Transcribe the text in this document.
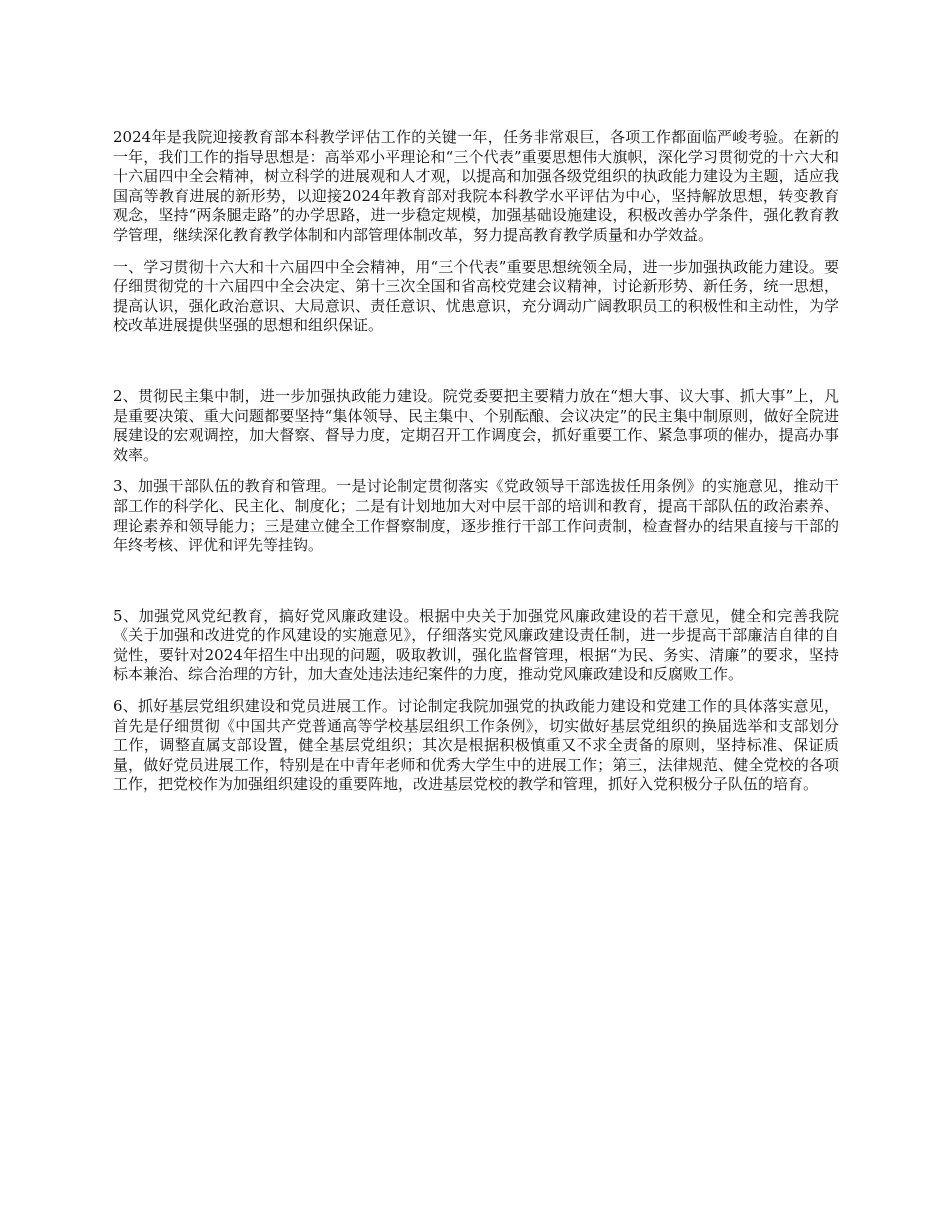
2024年是我院迎接教育部本科教学评估工作的关键一年，任务非常艰巨，各项工作都面临严峻考验。在新的一年，我们工作的指导思想是：高举邓小平理论和“三个代表”重要思想伟大旗帜，深化学习贯彻党的十六大和十六届四中全会精神，树立科学的进展观和人才观，以提高和加强各级党组织的执政能力建设为主题，适应我国高等教育进展的新形势，以迎接2024年教育部对我院本科教学水平评估为中心，坚持解放思想，转变教育观念，坚持“两条腿走路”的办学思路，进一步稳定规模，加强基础设施建设，积极改善办学条件，强化教育教学管理，继续深化教育教学体制和内部管理体制改革，努力提高教育教学质量和办学效益。

一、学习贯彻十六大和十六届四中全会精神，用“三个代表”重要思想统领全局，进一步加强执政能力建设。要仔细贯彻党的十六届四中全会决定、第十三次全国和省高校党建会议精神，讨论新形势、新任务，统一思想，提高认识，强化政治意识、大局意识、责任意识、忧患意识，充分调动广阔教职员工的积极性和主动性，为学校改革进展提供坚强的思想和组织保证。

2、贯彻民主集中制，进一步加强执政能力建设。院党委要把主要精力放在“想大事、议大事、抓大事”上，凡是重要决策、重大问题都要坚持“集体领导、民主集中、个别酝酿、会议决定”的民主集中制原则，做好全院进展建设的宏观调控，加大督察、督导力度，定期召开工作调度会，抓好重要工作、紧急事项的催办，提高办事效率。

3、加强干部队伍的教育和管理。一是讨论制定贯彻落实《党政领导干部选拔任用条例》的实施意见，推动干部工作的科学化、民主化、制度化；二是有计划地加大对中层干部的培训和教育，提高干部队伍的政治素养、理论素养和领导能力；三是建立健全工作督察制度，逐步推行干部工作问责制，检查督办的结果直接与干部的年终考核、评优和评先等挂钩。

5、加强党风党纪教育，搞好党风廉政建设。根据中央关于加强党风廉政建设的若干意见，健全和完善我院《关于加强和改进党的作风建设的实施意见》，仔细落实党风廉政建设责任制，进一步提高干部廉洁自律的自觉性，要针对2024年招生中出现的问题，吸取教训，强化监督管理，根据“为民、务实、清廉”的要求，坚持标本兼治、综合治理的方针，加大查处违法违纪案件的力度，推动党风廉政建设和反腐败工作。

6、抓好基层党组织建设和党员进展工作。讨论制定我院加强党的执政能力建设和党建工作的具体落实意见，首先是仔细贯彻《中国共产党普通高等学校基层组织工作条例》，切实做好基层党组织的换届选举和支部划分工作，调整直属支部设置，健全基层党组织；其次是根据积极慎重又不求全责备的原则，坚持标准、保证质量，做好党员进展工作，特别是在中青年老师和优秀大学生中的进展工作；第三，法律规范、健全党校的各项工作，把党校作为加强组织建设的重要阵地，改进基层党校的教学和管理，抓好入党积极分子队伍的培育。
